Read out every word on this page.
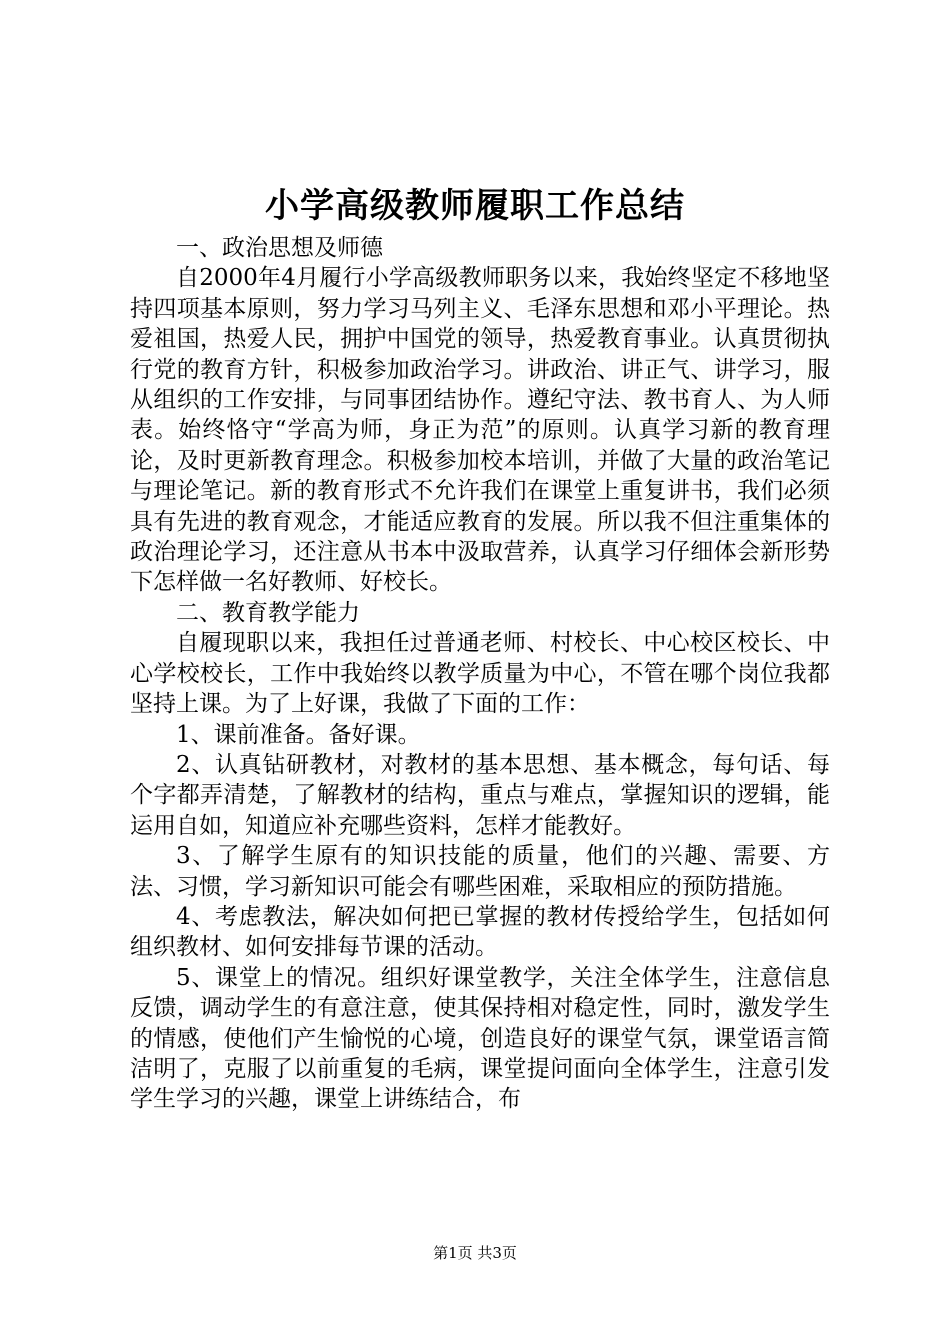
小学高级教师履职工作总结

一、政治思想及师德

自2000年4月履行小学高级教师职务以来，我始终坚定不移地坚持四项基本原则，努力学习马列主义、毛泽东思想和邓小平理论。热爱祖国，热爱人民，拥护中国党的领导，热爱教育事业。认真贯彻执行党的教育方针，积极参加政治学习。讲政治、讲正气、讲学习，服从组织的工作安排，与同事团结协作。遵纪守法、教书育人、为人师表。始终恪守“学高为师，身正为范”的原则。认真学习新的教育理论，及时更新教育理念。积极参加校本培训，并做了大量的政治笔记与理论笔记。新的教育形式不允许我们在课堂上重复讲书，我们必须具有先进的教育观念，才能适应教育的发展。所以我不但注重集体的政治理论学习，还注意从书本中汲取营养，认真学习仔细体会新形势下怎样做一名好教师、好校长。

二、教育教学能力

自履现职以来，我担任过普通老师、村校长、中心校区校长、中心学校校长，工作中我始终以教学质量为中心，不管在哪个岗位我都坚持上课。为了上好课，我做了下面的工作：

1、课前准备。备好课。

2、认真钻研教材，对教材的基本思想、基本概念，每句话、每个字都弄清楚，了解教材的结构，重点与难点，掌握知识的逻辑，能运用自如，知道应补充哪些资料，怎样才能教好。

3、了解学生原有的知识技能的质量，他们的兴趣、需要、方法、习惯，学习新知识可能会有哪些困难，采取相应的预防措施。

4、考虑教法，解决如何把已掌握的教材传授给学生，包括如何组织教材、如何安排每节课的活动。

5、课堂上的情况。组织好课堂教学，关注全体学生，注意信息反馈，调动学生的有意注意，使其保持相对稳定性，同时，激发学生的情感，使他们产生愉悦的心境，创造良好的课堂气氛，课堂语言简洁明了，克服了以前重复的毛病，课堂提问面向全体学生，注意引发学生学习的兴趣，课堂上讲练结合，布

第1页 共3页
